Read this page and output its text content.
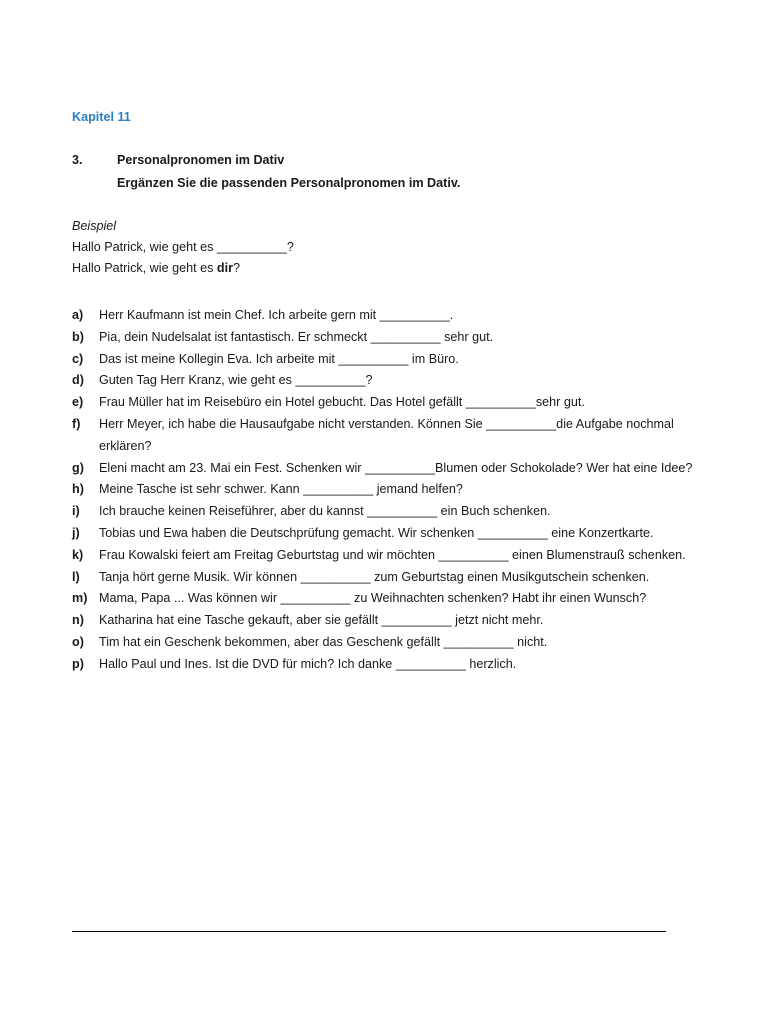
Kapitel 11
3.	Personalpronomen im Dativ
Ergänzen Sie die passenden Personalpronomen im Dativ.
Beispiel
Hallo Patrick, wie geht es __________?
Hallo Patrick, wie geht es dir?
a)	Herr Kaufmann ist mein Chef. Ich arbeite gern mit __________.
b)	Pia, dein Nudelsalat ist fantastisch. Er schmeckt __________ sehr gut.
c)	Das ist meine Kollegin Eva. Ich arbeite mit __________ im Büro.
d)	Guten Tag Herr Kranz, wie geht es __________?
e)	Frau Müller hat im Reisebüro ein Hotel gebucht. Das Hotel gefällt __________sehr gut.
f)	Herr Meyer, ich habe die Hausaufgabe nicht verstanden. Können Sie __________die Aufgabe nochmal erklären?
g)	Eleni macht am 23. Mai ein Fest. Schenken wir __________Blumen oder Schokolade? Wer hat eine Idee?
h)	Meine Tasche ist sehr schwer. Kann __________ jemand helfen?
i)	Ich brauche keinen Reiseführer, aber du kannst __________ ein Buch schenken.
j)	Tobias und Ewa haben die Deutschprüfung gemacht. Wir schenken __________ eine Konzertkarte.
k)	Frau Kowalski feiert am Freitag Geburtstag und wir möchten __________ einen Blumenstrauß schenken.
l)	Tanja hört gerne Musik. Wir können __________ zum Geburtstag einen Musikgutschein schenken.
m) Mama, Papa ... Was können wir __________ zu Weihnachten schenken? Habt ihr einen Wunsch?
n)	Katharina hat eine Tasche gekauft, aber sie gefällt __________ jetzt nicht mehr.
o)	Tim hat ein Geschenk bekommen, aber das Geschenk gefällt __________ nicht.
p)	Hallo Paul und Ines. Ist die DVD für mich? Ich danke __________ herzlich.
